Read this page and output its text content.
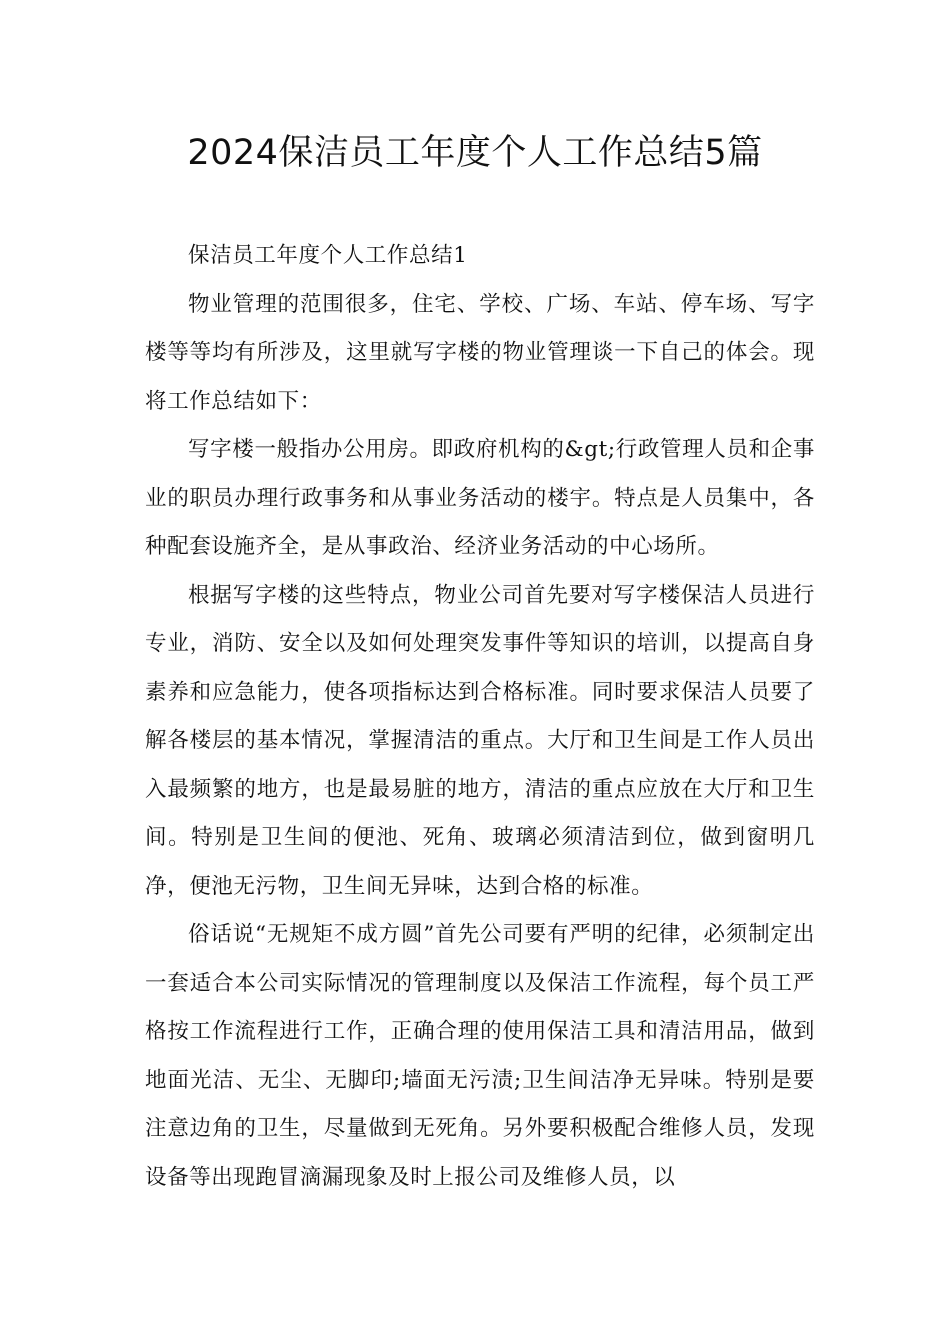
2024保洁员工年度个人工作总结5篇

保洁员工年度个人工作总结1

物业管理的范围很多，住宅、学校、广场、车站、停车场、写字楼等等均有所涉及，这里就写字楼的物业管理谈一下自己的体会。现将工作总结如下：

写字楼一般指办公用房。即政府机构的&gt;行政管理人员和企事业的职员办理行政事务和从事业务活动的楼宇。特点是人员集中，各种配套设施齐全，是从事政治、经济业务活动的中心场所。

根据写字楼的这些特点，物业公司首先要对写字楼保洁人员进行专业，消防、安全以及如何处理突发事件等知识的培训，以提高自身素养和应急能力，使各项指标达到合格标准。同时要求保洁人员要了解各楼层的基本情况，掌握清洁的重点。大厅和卫生间是工作人员出入最频繁的地方，也是最易脏的地方，清洁的重点应放在大厅和卫生间。特别是卫生间的便池、死角、玻璃必须清洁到位，做到窗明几净，便池无污物，卫生间无异味，达到合格的标准。

俗话说“无规矩不成方圆”首先公司要有严明的纪律，必须制定出一套适合本公司实际情况的管理制度以及保洁工作流程，每个员工严格按工作流程进行工作，正确合理的使用保洁工具和清洁用品，做到地面光洁、无尘、无脚印;墙面无污渍;卫生间洁净无异味。特别是要注意边角的卫生，尽量做到无死角。另外要积极配合维修人员，发现设备等出现跑冒滴漏现象及时上报公司及维修人员，以
